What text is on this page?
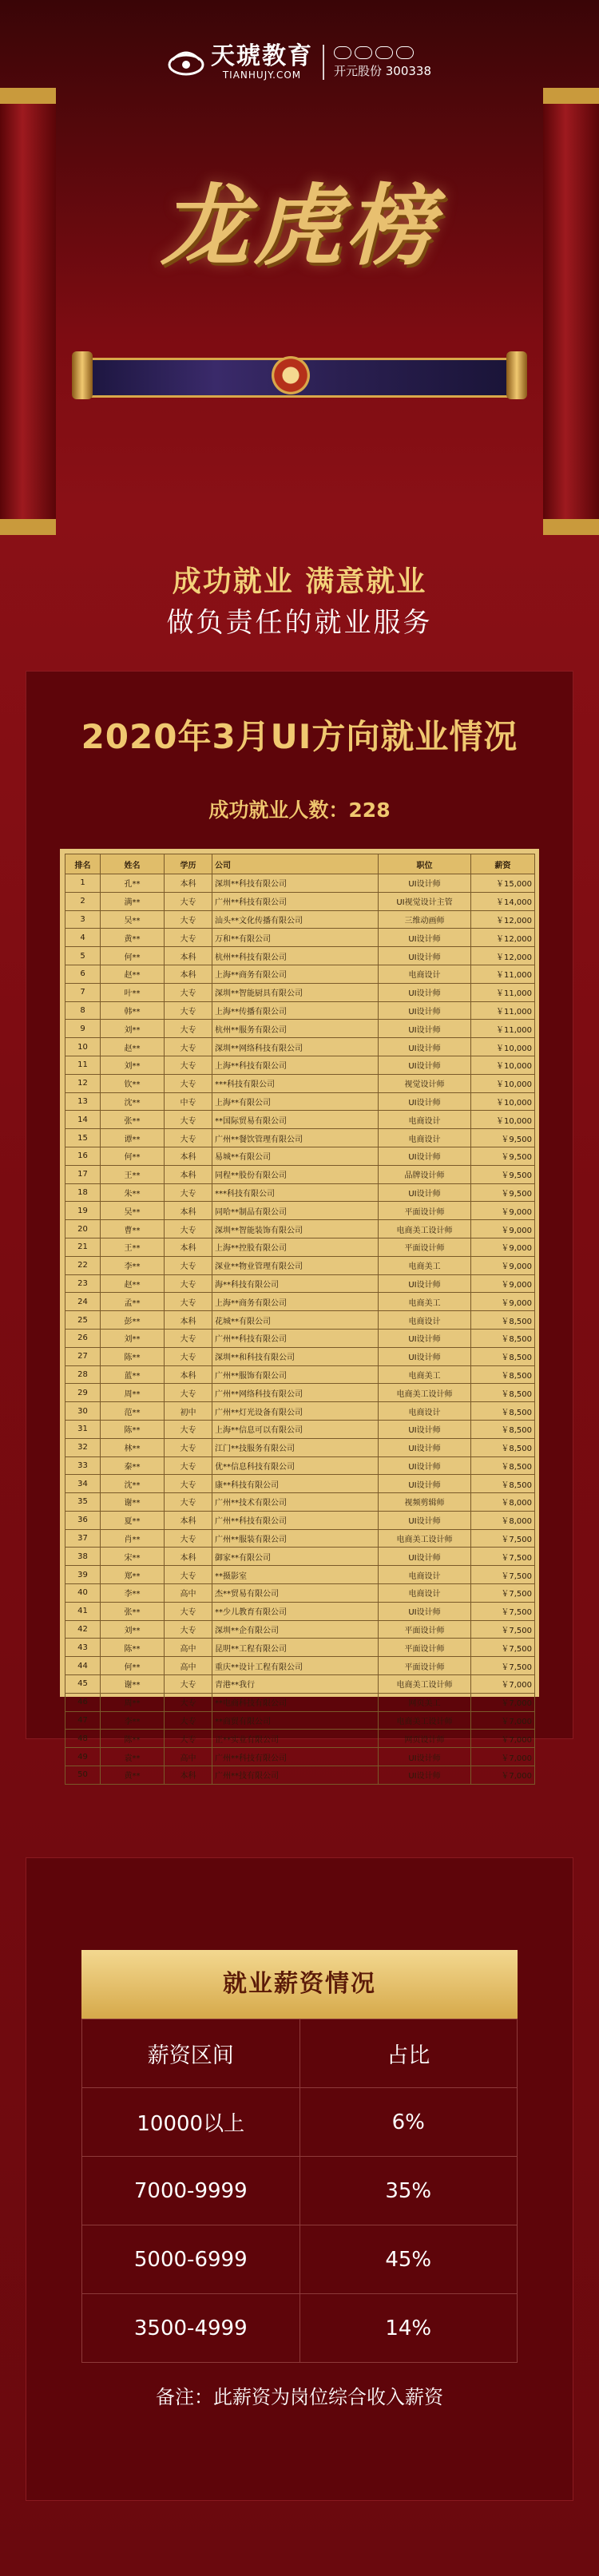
天琥教育
TIANHUJY.COM	开元股份 300338
龙虎榜
成功就业 满意就业
做负责任的就业服务
2020年3月UI方向就业情况
成功就业人数：228
排名	姓名	学历	公司	职位	薪资
1	孔**	本科	深圳**科技有限公司	UI设计师	￥15,000
2	满**	大专	广州**科技有限公司	UI视觉设计主管	￥14,000
3	吴**	大专	汕头**文化传播有限公司	三维动画师	￥12,000
4	黄**	大专	万和**有限公司	UI设计师	￥12,000
5	何**	本科	杭州**科技有限公司	UI设计师	￥12,000
6	赵**	本科	上海**商务有限公司	电商设计	￥11,000
7	叶**	大专	深圳**智能厨具有限公司	UI设计师	￥11,000
8	韩**	大专	上海**传播有限公司	UI设计师	￥11,000
9	刘**	大专	杭州**服务有限公司	UI设计师	￥11,000
10	赵**	大专	深圳**网络科技有限公司	UI设计师	￥10,000
11	刘**	大专	上海**科技有限公司	UI设计师	￥10,000
12	钦**	大专	***科技有限公司	视觉设计师	￥10,000
13	沈**	中专	上海**有限公司	UI设计师	￥10,000
14	张**	大专	**国际贸易有限公司	电商设计	￥10,000
15	谭**	大专	广州**餐饮管理有限公司	电商设计	￥9,500
16	何**	本科	易城**有限公司	UI设计师	￥9,500
17	王**	本科	同程**股份有限公司	品牌设计师	￥9,500
18	朱**	大专	***科技有限公司	UI设计师	￥9,500
19	吴**	本科	同哈**制品有限公司	平面设计师	￥9,000
20	曹**	大专	深圳**智能装饰有限公司	电商美工设计师	￥9,000
21	王**	本科	上海**控股有限公司	平面设计师	￥9,000
22	李**	大专	深业**物业管理有限公司	电商美工	￥9,000
23	赵**	大专	海**科技有限公司	UI设计师	￥9,000
24	孟**	大专	上海**商务有限公司	电商美工	￥9,000
25	彭**	本科	花城**有限公司	电商设计	￥8,500
26	刘**	大专	广州**科技有限公司	UI设计师	￥8,500
27	陈**	大专	深圳**和科技有限公司	UI设计师	￥8,500
28	蓝**	本科	广州**服饰有限公司	电商美工	￥8,500
29	周**	大专	广州**网络科技有限公司	电商美工设计师	￥8,500
30	范**	初中	广州**灯光设备有限公司	电商设计	￥8,500
31	陈**	大专	上海**信息可以有限公司	UI设计师	￥8,500
32	林**	大专	江门**技服务有限公司	UI设计师	￥8,500
33	秦**	大专	优**信息科技有限公司	UI设计师	￥8,500
34	沈**	大专	康**科技有限公司	UI设计师	￥8,500
35	谢**	大专	广州**技术有限公司	视频剪辑师	￥8,000
36	夏**	本科	广州**科技有限公司	UI设计师	￥8,000
37	肖**	大专	广州**服装有限公司	电商美工设计师	￥7,500
38	宋**	本科	御家**有限公司	UI设计师	￥7,500
39	郑**	大专	**摄影室	电商设计	￥7,500
40	李**	高中	杰**贸易有限公司	电商设计	￥7,500
41	张**	大专	**少儿教育有限公司	UI设计师	￥7,500
42	刘**	大专	深圳**企有限公司	平面设计师	￥7,500
43	陈**	高中	昆明**工程有限公司	平面设计师	￥7,500
44	何**	高中	重庆**设计工程有限公司	平面设计师	￥7,500
45	谢**	大专	青港**我行	电商美工设计师	￥7,000
46	周**	大专	**电商科技有限公司	网页美工	￥7,000
47	李**	大专	**商贸有限公司	电商美工设计师	￥7,000
48	陈**	大专	正**实业有限公司	网页设计师	￥7,000
49	袁**	高中	广州**科技有限公司	UI设计师	￥7,000
50	黄**	本科	广州**技有限公司	UI设计师	￥7,000
就业薪资情况
薪资区间	占比
10000以上	6%
7000-9999	35%
5000-6999	45%
3500-4999	14%
备注：此薪资为岗位综合收入薪资
